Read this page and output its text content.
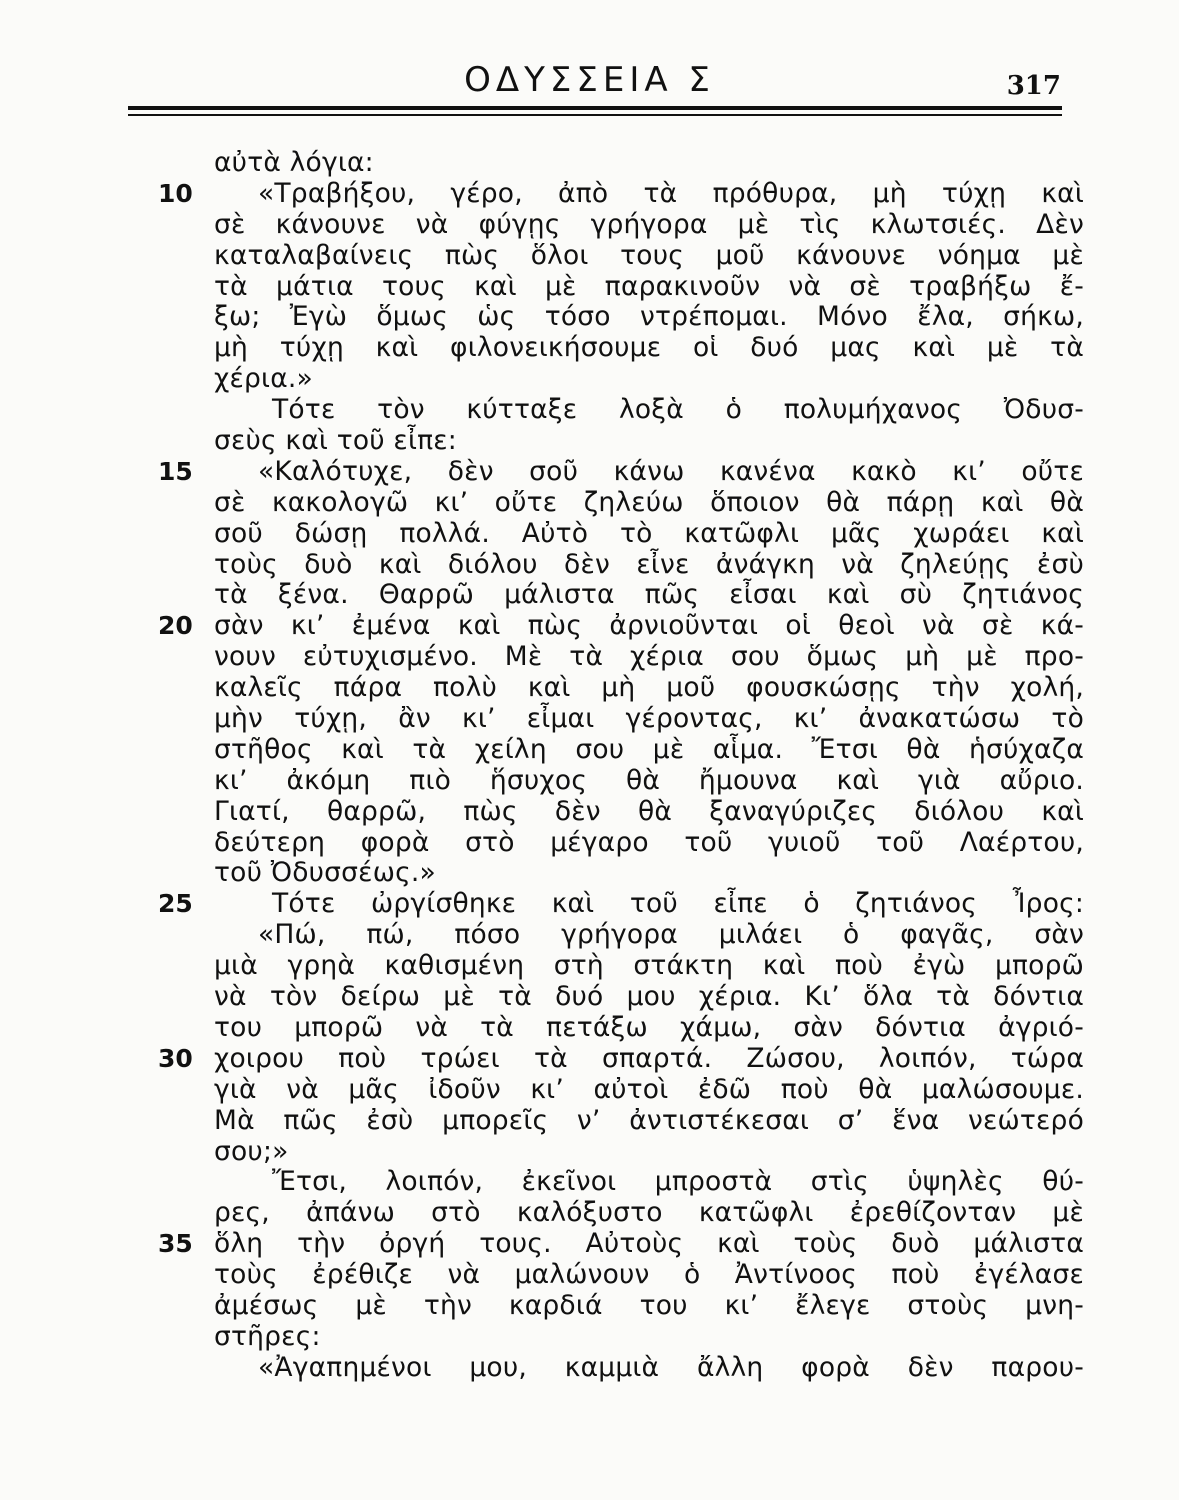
ΟΔΥΣΣΕΙΑ Σ	317
αὐτὰ λόγια:
10	«Τραβήξου, γέρο, ἀπὸ τὰ πρόθυρα, μὴ τύχῃ καὶ
σὲ κάνουνε νὰ φύγῃς γρήγορα μὲ τὶς κλωτσιές. Δὲν
καταλαβαίνεις πὼς ὅλοι τους μοῦ κάνουνε νόημα μὲ
τὰ μάτια τους καὶ μὲ παρακινοῦν νὰ σὲ τραβήξω ἔ-
ξω; Ἐγὼ ὅμως ὡς τόσο ντρέπομαι. Μόνο ἔλα, σήκω,
μὴ τύχῃ καὶ φιλονεικήσουμε οἱ δυό μας καὶ μὲ τὰ
χέρια.»
Τότε τὸν κύτταξε λοξὰ ὁ πολυμήχανος Ὀδυσ-
σεὺς καὶ τοῦ εἶπε:
15	«Καλότυχε, δὲν σοῦ κάνω κανένα κακὸ κι’ οὔτε
σὲ κακολογῶ κι’ οὔτε ζηλεύω ὅποιον θὰ πάρῃ καὶ θὰ
σοῦ δώσῃ πολλά. Αὐτὸ τὸ κατῶφλι μᾶς χωράει καὶ
τοὺς δυὸ καὶ διόλου δὲν εἶνε ἀνάγκη νὰ ζηλεύῃς ἐσὺ
τὰ ξένα. Θαρρῶ μάλιστα πῶς εἶσαι καὶ σὺ ζητιάνος
20 σὰν κι’ ἐμένα καὶ πὼς ἀρνιοῦνται οἱ θεοὶ νὰ σὲ κά-
νουν εὐτυχισμένο. Μὲ τὰ χέρια σου ὅμως μὴ μὲ προ-
καλεῖς πάρα πολὺ καὶ μὴ μοῦ φουσκώσῃς τὴν χολή,
μὴν τύχῃ, ἂν κι’ εἶμαι γέροντας, κι’ ἀνακατώσω τὸ
στῆθος καὶ τὰ χείλη σου μὲ αἷμα. Ἔτσι θὰ ἡσύχαζα
κι’ ἀκόμη πιὸ ἥσυχος θὰ ἤμουνα καὶ γιὰ αὔριο.
Γιατί, θαρρῶ, πὼς δὲν θὰ ξαναγύριζες διόλου καὶ
δεύτερη φορὰ στὸ μέγαρο τοῦ γυιοῦ τοῦ Λαέρτου,
τοῦ Ὀδυσσέως.»
25	Τότε ὠργίσθηκε καὶ τοῦ εἶπε ὁ ζητιάνος Ἶρος:
«Πώ, πώ, πόσο γρήγορα μιλάει ὁ φαγᾶς, σὰν
μιὰ γρηὰ καθισμένη στὴ στάκτη καὶ ποὺ ἐγὼ μπορῶ
νὰ τὸν δείρω μὲ τὰ δυό μου χέρια. Κι’ ὅλα τὰ δόντια
του μπορῶ νὰ τὰ πετάξω χάμω, σὰν δόντια ἀγριό-
30 χοιρου ποὺ τρώει τὰ σπαρτά. Ζώσου, λοιπόν, τώρα
γιὰ νὰ μᾶς ἰδοῦν κι’ αὐτοὶ ἐδῶ ποὺ θὰ μαλώσουμε.
Μὰ πῶς ἐσὺ μπορεῖς ν’ ἀντιστέκεσαι σ’ ἕνα νεώτερό
σου;»
Ἔτσι, λοιπόν, ἐκεῖνοι μπροστὰ στὶς ὑψηλὲς θύ-
ρες, ἀπάνω στὸ καλόξυστο κατῶφλι ἐρεθίζονταν μὲ
35 ὅλη τὴν ὀργή τους. Αὐτοὺς καὶ τοὺς δυὸ μάλιστα
τοὺς ἐρέθιζε νὰ μαλώνουν ὁ Ἀντίνοος ποὺ ἐγέλασε
ἀμέσως μὲ τὴν καρδιά του κι’ ἔλεγε στοὺς μνη-
στῆρες:
«Ἀγαπημένοι μου, καμμιὰ ἄλλη φορὰ δὲν παρου-
